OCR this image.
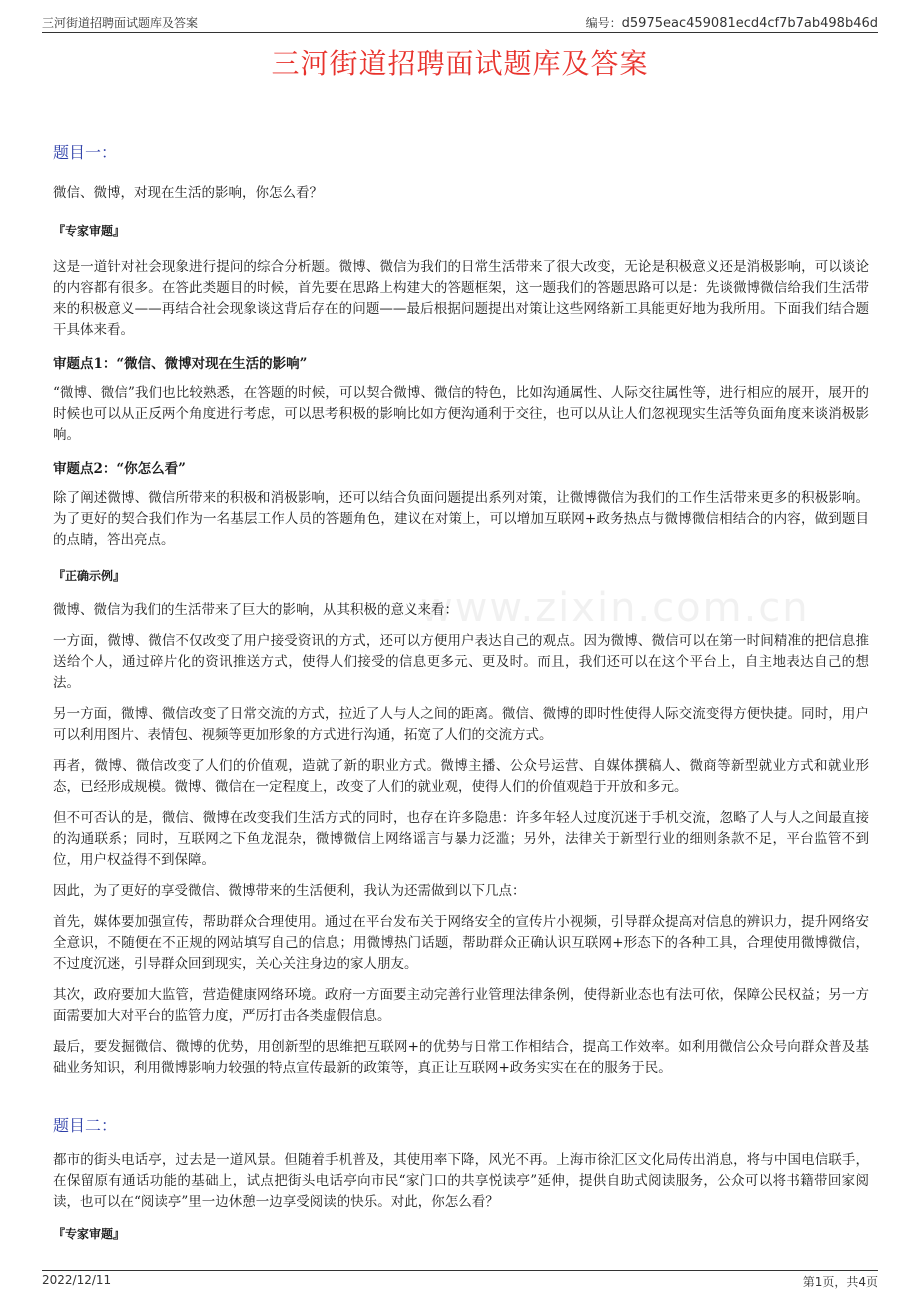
三河街道招聘面试题库及答案	编号：d5975eac459081ecd4cf7b7ab498b46d
三河街道招聘面试题库及答案
www.zixin.com.cn

题目一：

微信、微博，对现在生活的影响，你怎么看？

『专家审题』

这是一道针对社会现象进行提问的综合分析题。微博、微信为我们的日常生活带来了很大改变，无论是积极意义还是消极影响，可以谈论的内容都有很多。在答此类题目的时候，首先要在思路上构建大的答题框架，这一题我们的答题思路可以是：先谈微博微信给我们生活带来的积极意义——再结合社会现象谈这背后存在的问题——最后根据问题提出对策让这些网络新工具能更好地为我所用。下面我们结合题干具体来看。

审题点1：“微信、微博对现在生活的影响”

“微博、微信”我们也比较熟悉，在答题的时候，可以契合微博、微信的特色，比如沟通属性、人际交往属性等，进行相应的展开，展开的时候也可以从正反两个角度进行考虑，可以思考积极的影响比如方便沟通利于交往，也可以从让人们忽视现实生活等负面角度来谈消极影响。

审题点2：“你怎么看”

除了阐述微博、微信所带来的积极和消极影响，还可以结合负面问题提出系列对策，让微博微信为我们的工作生活带来更多的积极影响。为了更好的契合我们作为一名基层工作人员的答题角色，建议在对策上，可以增加互联网+政务热点与微博微信相结合的内容，做到题目的点睛，答出亮点。

『正确示例』

微博、微信为我们的生活带来了巨大的影响，从其积极的意义来看：

一方面，微博、微信不仅改变了用户接受资讯的方式，还可以方便用户表达自己的观点。因为微博、微信可以在第一时间精准的把信息推送给个人，通过碎片化的资讯推送方式，使得人们接受的信息更多元、更及时。而且，我们还可以在这个平台上，自主地表达自己的想法。

另一方面，微博、微信改变了日常交流的方式，拉近了人与人之间的距离。微信、微博的即时性使得人际交流变得方便快捷。同时，用户可以利用图片、表情包、视频等更加形象的方式进行沟通，拓宽了人们的交流方式。

再者，微博、微信改变了人们的价值观，造就了新的职业方式。微博主播、公众号运营、自媒体撰稿人、微商等新型就业方式和就业形态，已经形成规模。微博、微信在一定程度上，改变了人们的就业观，使得人们的价值观趋于开放和多元。

但不可否认的是，微信、微博在改变我们生活方式的同时，也存在许多隐患：许多年轻人过度沉迷于手机交流，忽略了人与人之间最直接的沟通联系；同时，互联网之下鱼龙混杂，微博微信上网络谣言与暴力泛滥；另外，法律关于新型行业的细则条款不足，平台监管不到位，用户权益得不到保障。

因此，为了更好的享受微信、微博带来的生活便利，我认为还需做到以下几点：

首先，媒体要加强宣传，帮助群众合理使用。通过在平台发布关于网络安全的宣传片小视频，引导群众提高对信息的辨识力，提升网络安全意识，不随便在不正规的网站填写自己的信息；用微博热门话题，帮助群众正确认识互联网+形态下的各种工具，合理使用微博微信，不过度沉迷，引导群众回到现实，关心关注身边的家人朋友。

其次，政府要加大监管，营造健康网络环境。政府一方面要主动完善行业管理法律条例，使得新业态也有法可依，保障公民权益；另一方面需要加大对平台的监管力度，严厉打击各类虚假信息。

最后，要发掘微信、微博的优势，用创新型的思维把互联网+的优势与日常工作相结合，提高工作效率。如利用微信公众号向群众普及基础业务知识，利用微博影响力较强的特点宣传最新的政策等，真正让互联网+政务实实在在的服务于民。

题目二：

都市的街头电话亭，过去是一道风景。但随着手机普及，其使用率下降，风光不再。上海市徐汇区文化局传出消息，将与中国电信联手，在保留原有通话功能的基础上，试点把街头电话亭向市民“家门口的共享悦读亭”延伸，提供自助式阅读服务，公众可以将书籍带回家阅读，也可以在“阅读亭”里一边休憩一边享受阅读的快乐。对此，你怎么看？

『专家审题』

2022/12/11	第1页，共4页
